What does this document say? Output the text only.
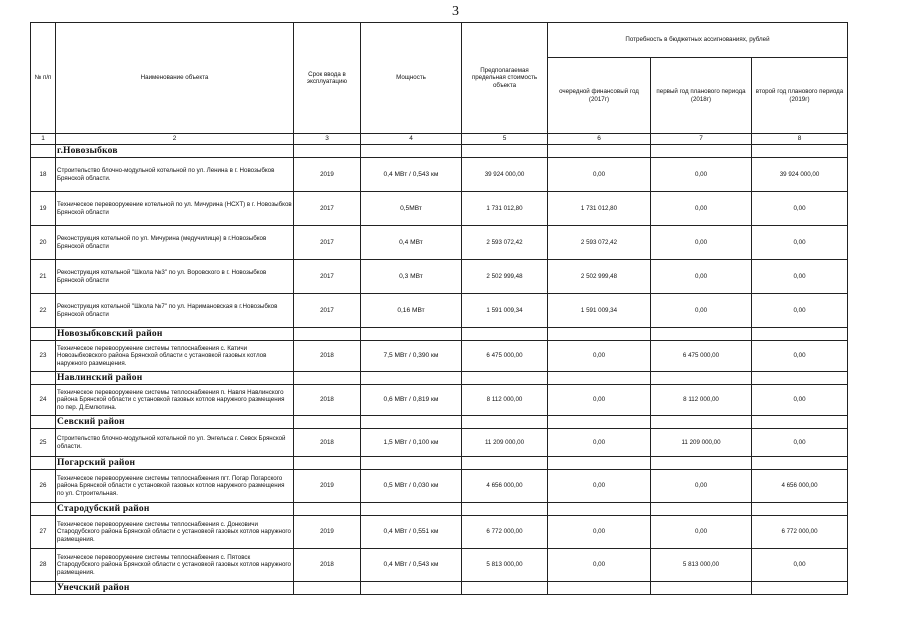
3
№ п/п	Наименование объекта	Срок ввода в эксплуатацию	Мощность	Предполагаемая предельная стоимость объекта	Потребность в бюджетных ассигнованиях, рублей		
					очередной финансовый год (2017г)	первый год планового периода (2018г)	второй год планового периода (2019г)
1	2	3	4	5	6	7	8
	г.Новозыбков						
18	Строительство блочно-модульной котельной по ул. Ленина в г. Новозыбков Брянской области.	2019	0,4 МВт / 0,543 км	39 924 000,00	0,00	0,00	39 924 000,00
19	Техническое перевооружение котельной по ул. Мичурина (НСХТ) в г. Новозыбков Брянской области	2017	0,5МВт	1 731 012,80	1 731 012,80	0,00	0,00
20	Реконструкция котельной по ул. Мичурина (медучилище) в г.Новозыбков Брянской области	2017	0,4 МВт	2 593 072,42	2 593 072,42	0,00	0,00
21	Реконструкция котельной "Школа №3" по ул. Воровского в г. Новозыбков Брянской области	2017	0,3 МВт	2 502 999,48	2 502 999,48	0,00	0,00
22	Реконструкция котельной "Школа №7" по ул. Наримановская в г.Новозыбков Брянской области	2017	0,16 МВт	1 591 009,34	1 591 009,34	0,00	0,00
	Новозыбковский район						
23	Техническое перевооружение системы теплоснабжения с. Катичи Новозыбковского района Брянской области с установкой газовых котлов наружного размещения.	2018	7,5 МВт / 0,390 км	6 475 000,00	0,00	6 475 000,00	0,00
	Навлинский район						
24	Техническое перевооружение системы теплоснабжения п. Навля Навлинского района Брянской области с установкой газовых котлов наружного размещения по пер. Д.Емлютина.	2018	0,6 МВт / 0,819 км	8 112 000,00	0,00	8 112 000,00	0,00
	Севский район						
25	Строительство блочно-модульной котельной по ул. Энгельса г. Севск Брянской области.	2018	1,5 МВт / 0,100 км	11 209 000,00	0,00	11 209 000,00	0,00
	Погарский район						
26	Техническое перевооружение системы теплоснабжения пгт. Погар Погарского района Брянской области с установкой газовых котлов наружного размещения по ул. Строительная.	2019	0,5 МВт / 0,030 км	4 656 000,00	0,00	0,00	4 656 000,00
	Стародубский район						
27	Техническое перевооружение системы теплоснабжения с. Донковичи Стародубского района Брянской области с установкой газовых котлов наружного размещения.	2019	0,4 МВт / 0,551 км	6 772 000,00	0,00	0,00	6 772 000,00
28	Техническое перевооружение системы теплоснабжения с. Пятовск Стародубского района Брянской области с установкой газовых котлов наружного размещения.	2018	0,4 МВт / 0,543 км	5 813 000,00	0,00	5 813 000,00	0,00
	Унечский район						
